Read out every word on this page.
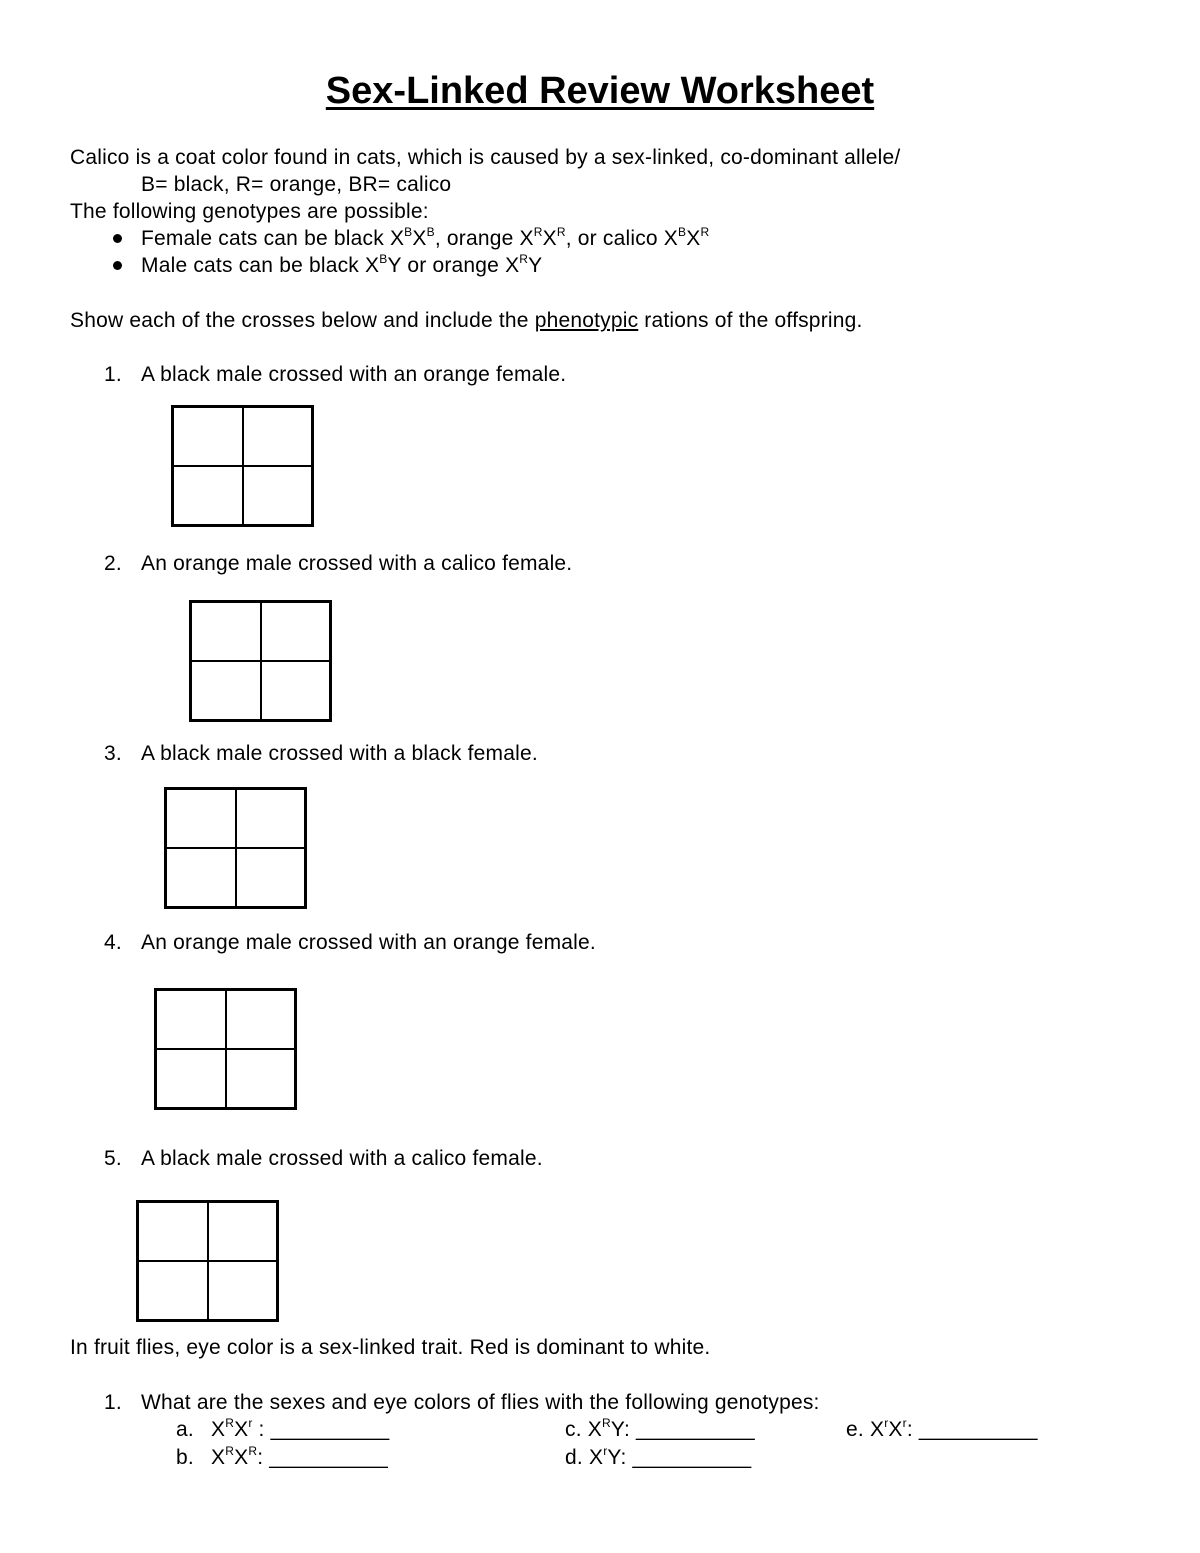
Sex-Linked Review Worksheet
Calico is a coat color found in cats, which is caused by a sex-linked, co-dominant allele/
B= black, R= orange, BR= calico
The following genotypes are possible:
Female cats can be black $X^BX^B$, orange $X^RX^R$, or calico $X^BX^R$
Male cats can be black $X^BY$ or orange $X^RY$
Show each of the crosses below and include the phenotypic rations of the offspring.
1. A black male crossed with an orange female.
2. An orange male crossed with a calico female.
3. A black male crossed with a black female.
4. An orange male crossed with an orange female.
5. A black male crossed with a calico female.
In fruit flies, eye color is a sex-linked trait. Red is dominant to white.
1. What are the sexes and eye colors of flies with the following genotypes:
a. $X^RX^r$ : __________
b. $X^RX^R$: __________
c. $X^RY$: __________
d. $X^rY$: __________
e. $X^rX^r$: __________
